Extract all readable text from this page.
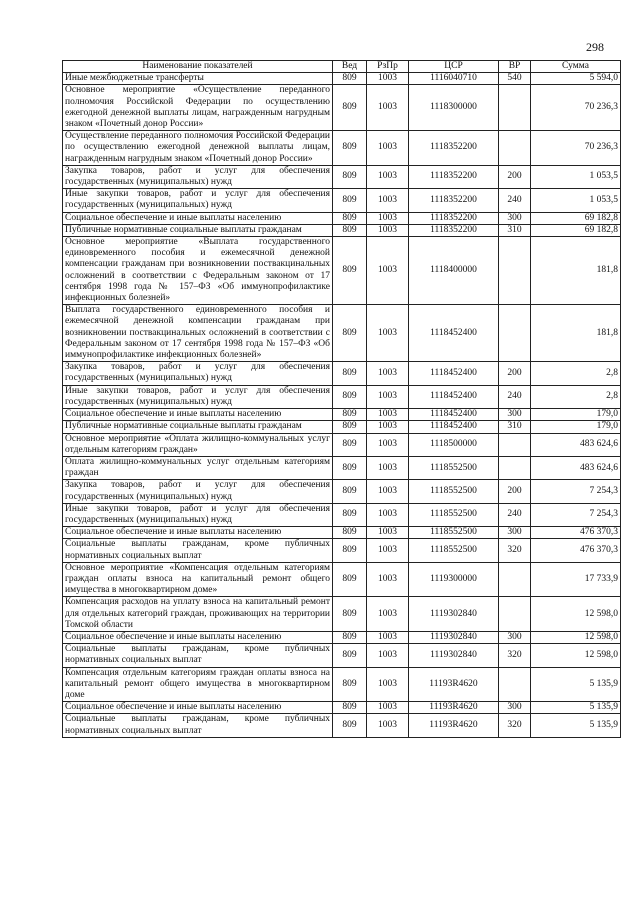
298
Наименование показателей	Вед	РзПр	ЦСР	ВР	Сумма
Иные межбюджетные трансферты	809	1003	1116040710	540	5 594,0
Основное мероприятие «Осуществление переданного полномочия Российской Федерации по осуществлению ежегодной денежной выплаты лицам, награжденным нагрудным знаком «Почетный донор России»	809	1003	1118300000		70 236,3
Осуществление переданного полномочия Российской Федерации по осуществлению ежегодной денежной выплаты лицам, награжденным нагрудным знаком «Почетный донор России»	809	1003	1118352200		70 236,3
Закупка товаров, работ и услуг для обеспечения государственных (муниципальных) нужд	809	1003	1118352200	200	1 053,5
Иные закупки товаров, работ и услуг для обеспечения государственных (муниципальных) нужд	809	1003	1118352200	240	1 053,5
Социальное обеспечение и иные выплаты населению	809	1003	1118352200	300	69 182,8
Публичные нормативные социальные выплаты гражданам	809	1003	1118352200	310	69 182,8
Основное мероприятие «Выплата государственного единовременного пособия и ежемесячной денежной компенсации гражданам при возникновении поствакцинальных осложнений в соответствии с Федеральным законом от 17 сентября 1998 года № 157–ФЗ «Об иммунопрофилактике инфекционных болезней»	809	1003	1118400000		181,8
Выплата государственного единовременного пособия и ежемесячной денежной компенсации гражданам при возникновении поствакцинальных осложнений в соответствии с Федеральным законом от 17 сентября 1998 года № 157–ФЗ «Об иммунопрофилактике инфекционных болезней»	809	1003	1118452400		181,8
Закупка товаров, работ и услуг для обеспечения государственных (муниципальных) нужд	809	1003	1118452400	200	2,8
Иные закупки товаров, работ и услуг для обеспечения государственных (муниципальных) нужд	809	1003	1118452400	240	2,8
Социальное обеспечение и иные выплаты населению	809	1003	1118452400	300	179,0
Публичные нормативные социальные выплаты гражданам	809	1003	1118452400	310	179,0
Основное мероприятие «Оплата жилищно-коммунальных услуг отдельным категориям граждан»	809	1003	1118500000		483 624,6
Оплата жилищно-коммунальных услуг отдельным категориям граждан	809	1003	1118552500		483 624,6
Закупка товаров, работ и услуг для обеспечения государственных (муниципальных) нужд	809	1003	1118552500	200	7 254,3
Иные закупки товаров, работ и услуг для обеспечения государственных (муниципальных) нужд	809	1003	1118552500	240	7 254,3
Социальное обеспечение и иные выплаты населению	809	1003	1118552500	300	476 370,3
Социальные выплаты гражданам, кроме публичных нормативных социальных выплат	809	1003	1118552500	320	476 370,3
Основное мероприятие «Компенсация отдельным категориям граждан оплаты взноса на капитальный ремонт общего имущества в многоквартирном доме»	809	1003	1119300000		17 733,9
Компенсация расходов на уплату взноса на капитальный ремонт для отдельных категорий граждан, проживающих на территории Томской области	809	1003	1119302840		12 598,0
Социальное обеспечение и иные выплаты населению	809	1003	1119302840	300	12 598,0
Социальные выплаты гражданам, кроме публичных нормативных социальных выплат	809	1003	1119302840	320	12 598,0
Компенсация отдельным категориям граждан оплаты взноса на капитальный ремонт общего имущества в многоквартирном доме	809	1003	11193R4620		5 135,9
Социальное обеспечение и иные выплаты населению	809	1003	11193R4620	300	5 135,9
Социальные выплаты гражданам, кроме публичных нормативных социальных выплат	809	1003	11193R4620	320	5 135,9
